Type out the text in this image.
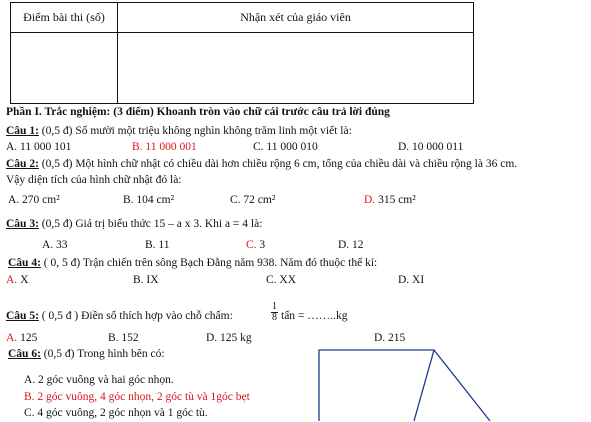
Điểm bài thi (số)	Nhận xét của giáo viên

Phần I. Trắc nghiệm: (3 điểm) Khoanh tròn vào chữ cái trước câu trả lời đúng
Câu 1: (0,5 đ) Số mười một triệu không nghìn không trăm linh một viết là:
A. 11 000 101	B. 11 000 001	C. 11 000 010	D. 10 000 011
Câu 2: (0,5 đ) Một hình chữ nhật có chiều dài hơn chiều rộng 6 cm, tổng của chiều dài và chiều rộng là 36 cm.
Vậy diện tích của hình chữ nhật đó là:
A. 270 cm²	B. 104 cm²	C. 72 cm²	D. 315 cm²
Câu 3: (0,5 đ) Giá trị biểu thức 15 – a x 3. Khi a = 4 là:
A. 33	B. 11	C. 3	D. 12
Câu 4: ( 0, 5 đ) Trận chiến trên sông Bạch Đằng năm 938. Năm đó thuộc thế kỉ:
A. X	B. IX	C. XX	D. XI
Câu 5: ( 0,5 đ ) Điền số thích hợp vào chỗ chấm:	$\frac{1}{8}$ tấn = ……..kg
A. 125	B. 152	D. 125 kg	D. 215
Câu 6: (0,5 đ) Trong hình bên có:
A. 2 góc vuông và hai góc nhọn.
B. 2 góc vuông, 4 góc nhọn, 2 góc tù và 1góc bẹt
C. 4 góc vuông, 2 góc nhọn và 1 góc tù.
